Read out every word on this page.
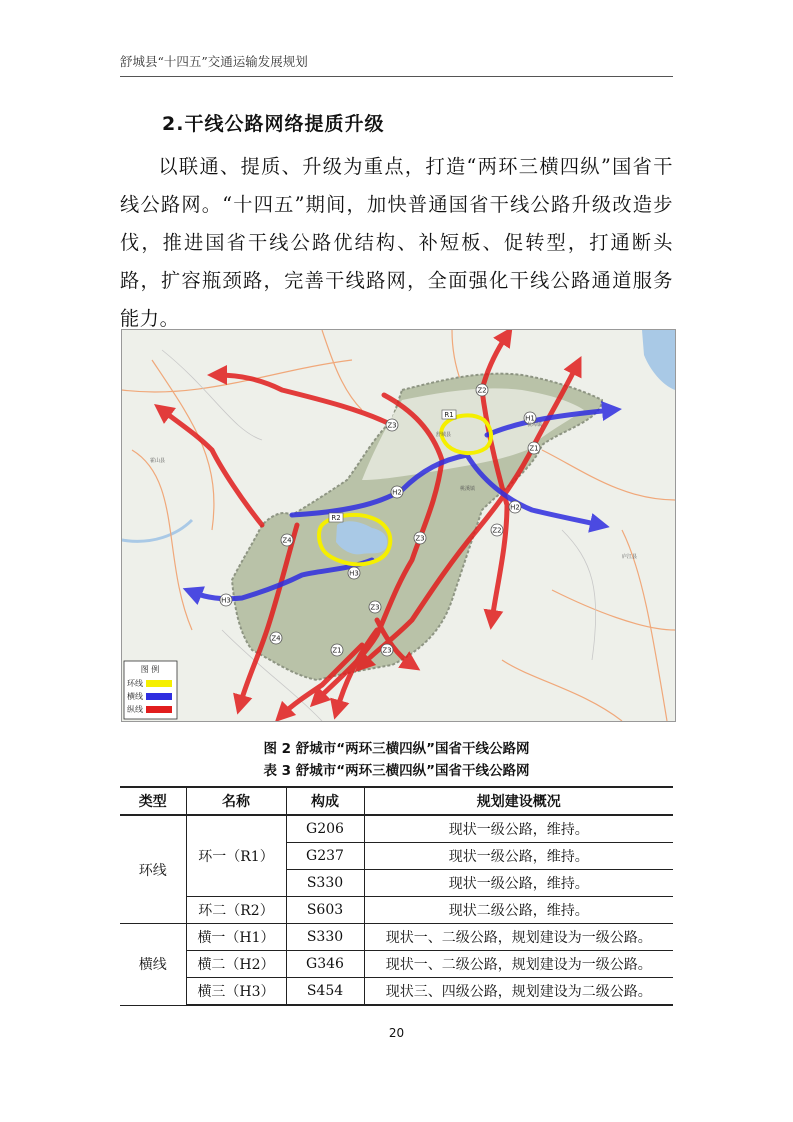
舒城县“十四五”交通运输发展规划
2.干线公路网络提质升级
以联通、提质、升级为重点，打造“两环三横四纵”国省干线公路网。“十四五”期间，加快普通国省干线公路升级改造步伐，推进国省干线公路优结构、补短板、促转型，打通断头路，扩容瓶颈路，完善干线路网，全面强化干线公路通道服务能力。
Z2
R1
Z3
H1
Z1
H2
H2
R2
Z2
Z4	Z3
H3
H3
Z3
Z4
Z1	Z3
舒城县
杭埠镇
霍山县
庐江县
桃溪镇
图 例
环线
横线
纵线
图 2 舒城市“两环三横四纵”国省干线公路网
表 3 舒城市“两环三横四纵”国省干线公路网
类型	名称	构成	规划建设概况
环线	环一（R1）	G206	现状一级公路，维持。
		G237	现状一级公路，维持。
		S330	现状一级公路，维持。
	环二（R2）	S603	现状二级公路，维持。
横线	横一（H1）	S330	现状一、二级公路，规划建设为一级公路。
	横二（H2）	G346	现状一、二级公路，规划建设为一级公路。
	横三（H3）	S454	现状三、四级公路，规划建设为二级公路。
20
